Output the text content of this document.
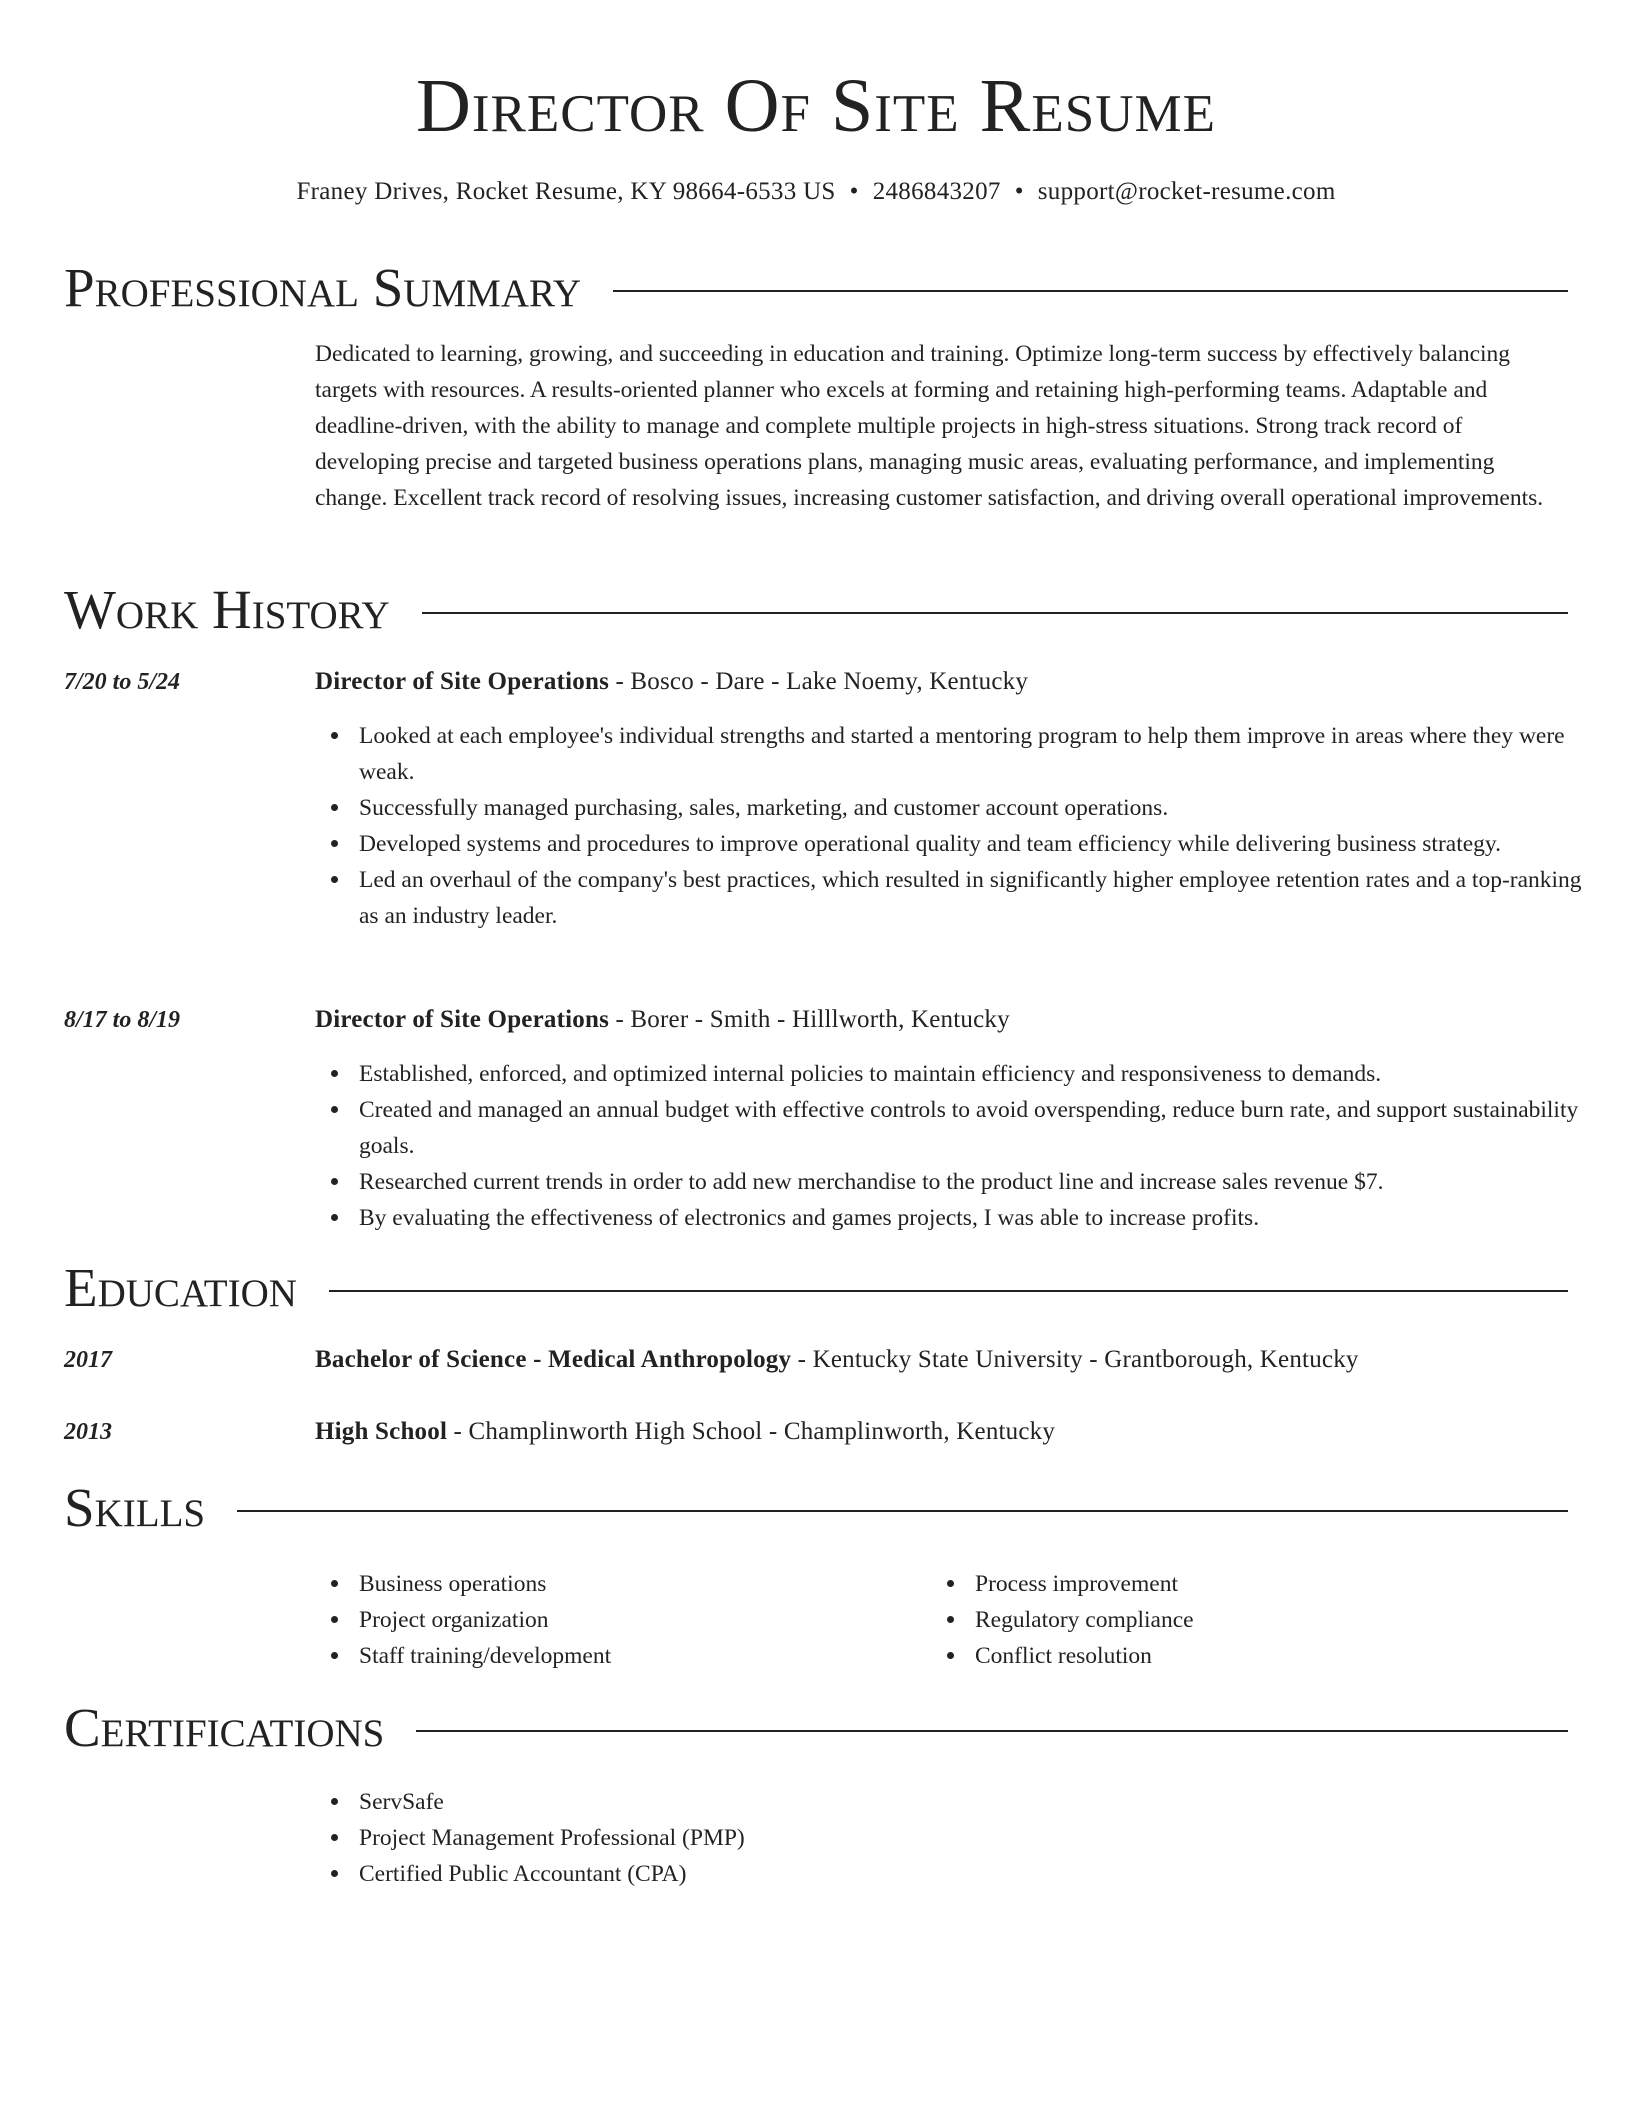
Director Of Site Resume
Franey Drives, Rocket Resume, KY 98664-6533 US • 2486843207 • support@rocket-resume.com
Professional Summary
Dedicated to learning, growing, and succeeding in education and training. Optimize long-term success by effectively balancing targets with resources. A results-oriented planner who excels at forming and retaining high-performing teams. Adaptable and deadline-driven, with the ability to manage and complete multiple projects in high-stress situations. Strong track record of developing precise and targeted business operations plans, managing music areas, evaluating performance, and implementing change. Excellent track record of resolving issues, increasing customer satisfaction, and driving overall operational improvements.
Work History
7/20 to 5/24	Director of Site Operations - Bosco - Dare - Lake Noemy, Kentucky
Looked at each employee's individual strengths and started a mentoring program to help them improve in areas where they were weak.
Successfully managed purchasing, sales, marketing, and customer account operations.
Developed systems and procedures to improve operational quality and team efficiency while delivering business strategy.
Led an overhaul of the company's best practices, which resulted in significantly higher employee retention rates and a top-ranking as an industry leader.
8/17 to 8/19	Director of Site Operations - Borer - Smith - Hilllworth, Kentucky
Established, enforced, and optimized internal policies to maintain efficiency and responsiveness to demands.
Created and managed an annual budget with effective controls to avoid overspending, reduce burn rate, and support sustainability goals.
Researched current trends in order to add new merchandise to the product line and increase sales revenue $7.
By evaluating the effectiveness of electronics and games projects, I was able to increase profits.
Education
2017	Bachelor of Science - Medical Anthropology - Kentucky State University - Grantborough, Kentucky
2013	High School - Champlinworth High School - Champlinworth, Kentucky
Skills
Business operations
Project organization
Staff training/development
Process improvement
Regulatory compliance
Conflict resolution
Certifications
ServSafe
Project Management Professional (PMP)
Certified Public Accountant (CPA)
